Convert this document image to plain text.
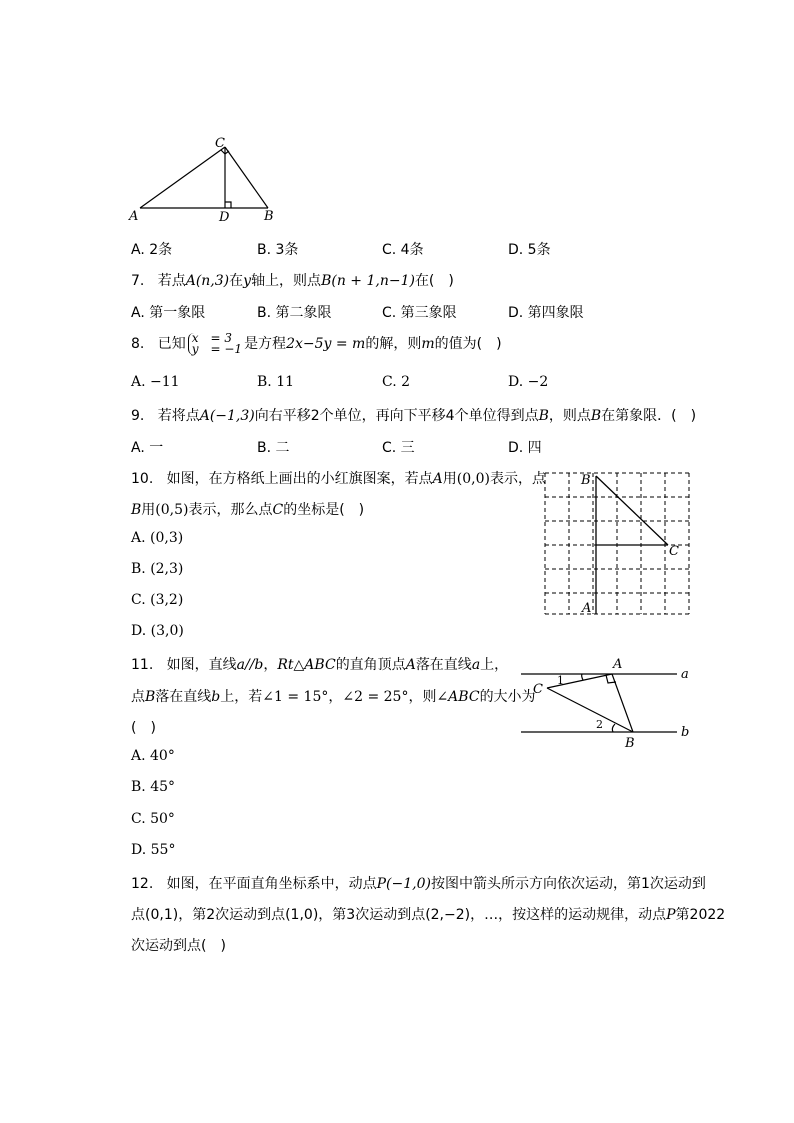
C
A	D	B
A. 2条	B. 3条	C. 4条	D. 5条
7. 若点A(n,3)在y轴上，则点B(n + 1,n−1)在(　)
A. 第一象限	B. 第二象限	C. 第三象限	D. 第四象限
8. 已知 x　= 3
y　= −1 是方程2x−5y = m的解，则m的值为(　)
A. −11	B. 11	C. 2	D. −2
9. 若将点A(−1,3)向右平移2个单位，再向下平移4个单位得到点B，则点B在第象限．(　)
A. 一	B. 二	C. 三	D. 四
10. 如图，在方格纸上画出的小红旗图案，若点A用(0,0)表示，点
B用(0,5)表示，那么点C的坐标是(　)
A. (0,3)
B. (2,3)
C. (3,2)
D. (3,0)
B
C
A
11. 如图，直线a//b，Rt△ABC的直角顶点A落在直线a上，
点B落在直线b上，若∠1 = 15°，∠2 = 25°，则∠ABC的大小为
(　)
A. 40°
B. 45°
C. 50°
D. 55°
A
C
B
a
b
1
2
12. 如图，在平面直角坐标系中，动点P(−1,0)按图中箭头所示方向依次运动，第1次运动到
点(0,1)，第2次运动到点(1,0)，第3次运动到点(2,−2)，…，按这样的运动规律，动点P第2022
次运动到点(　)
